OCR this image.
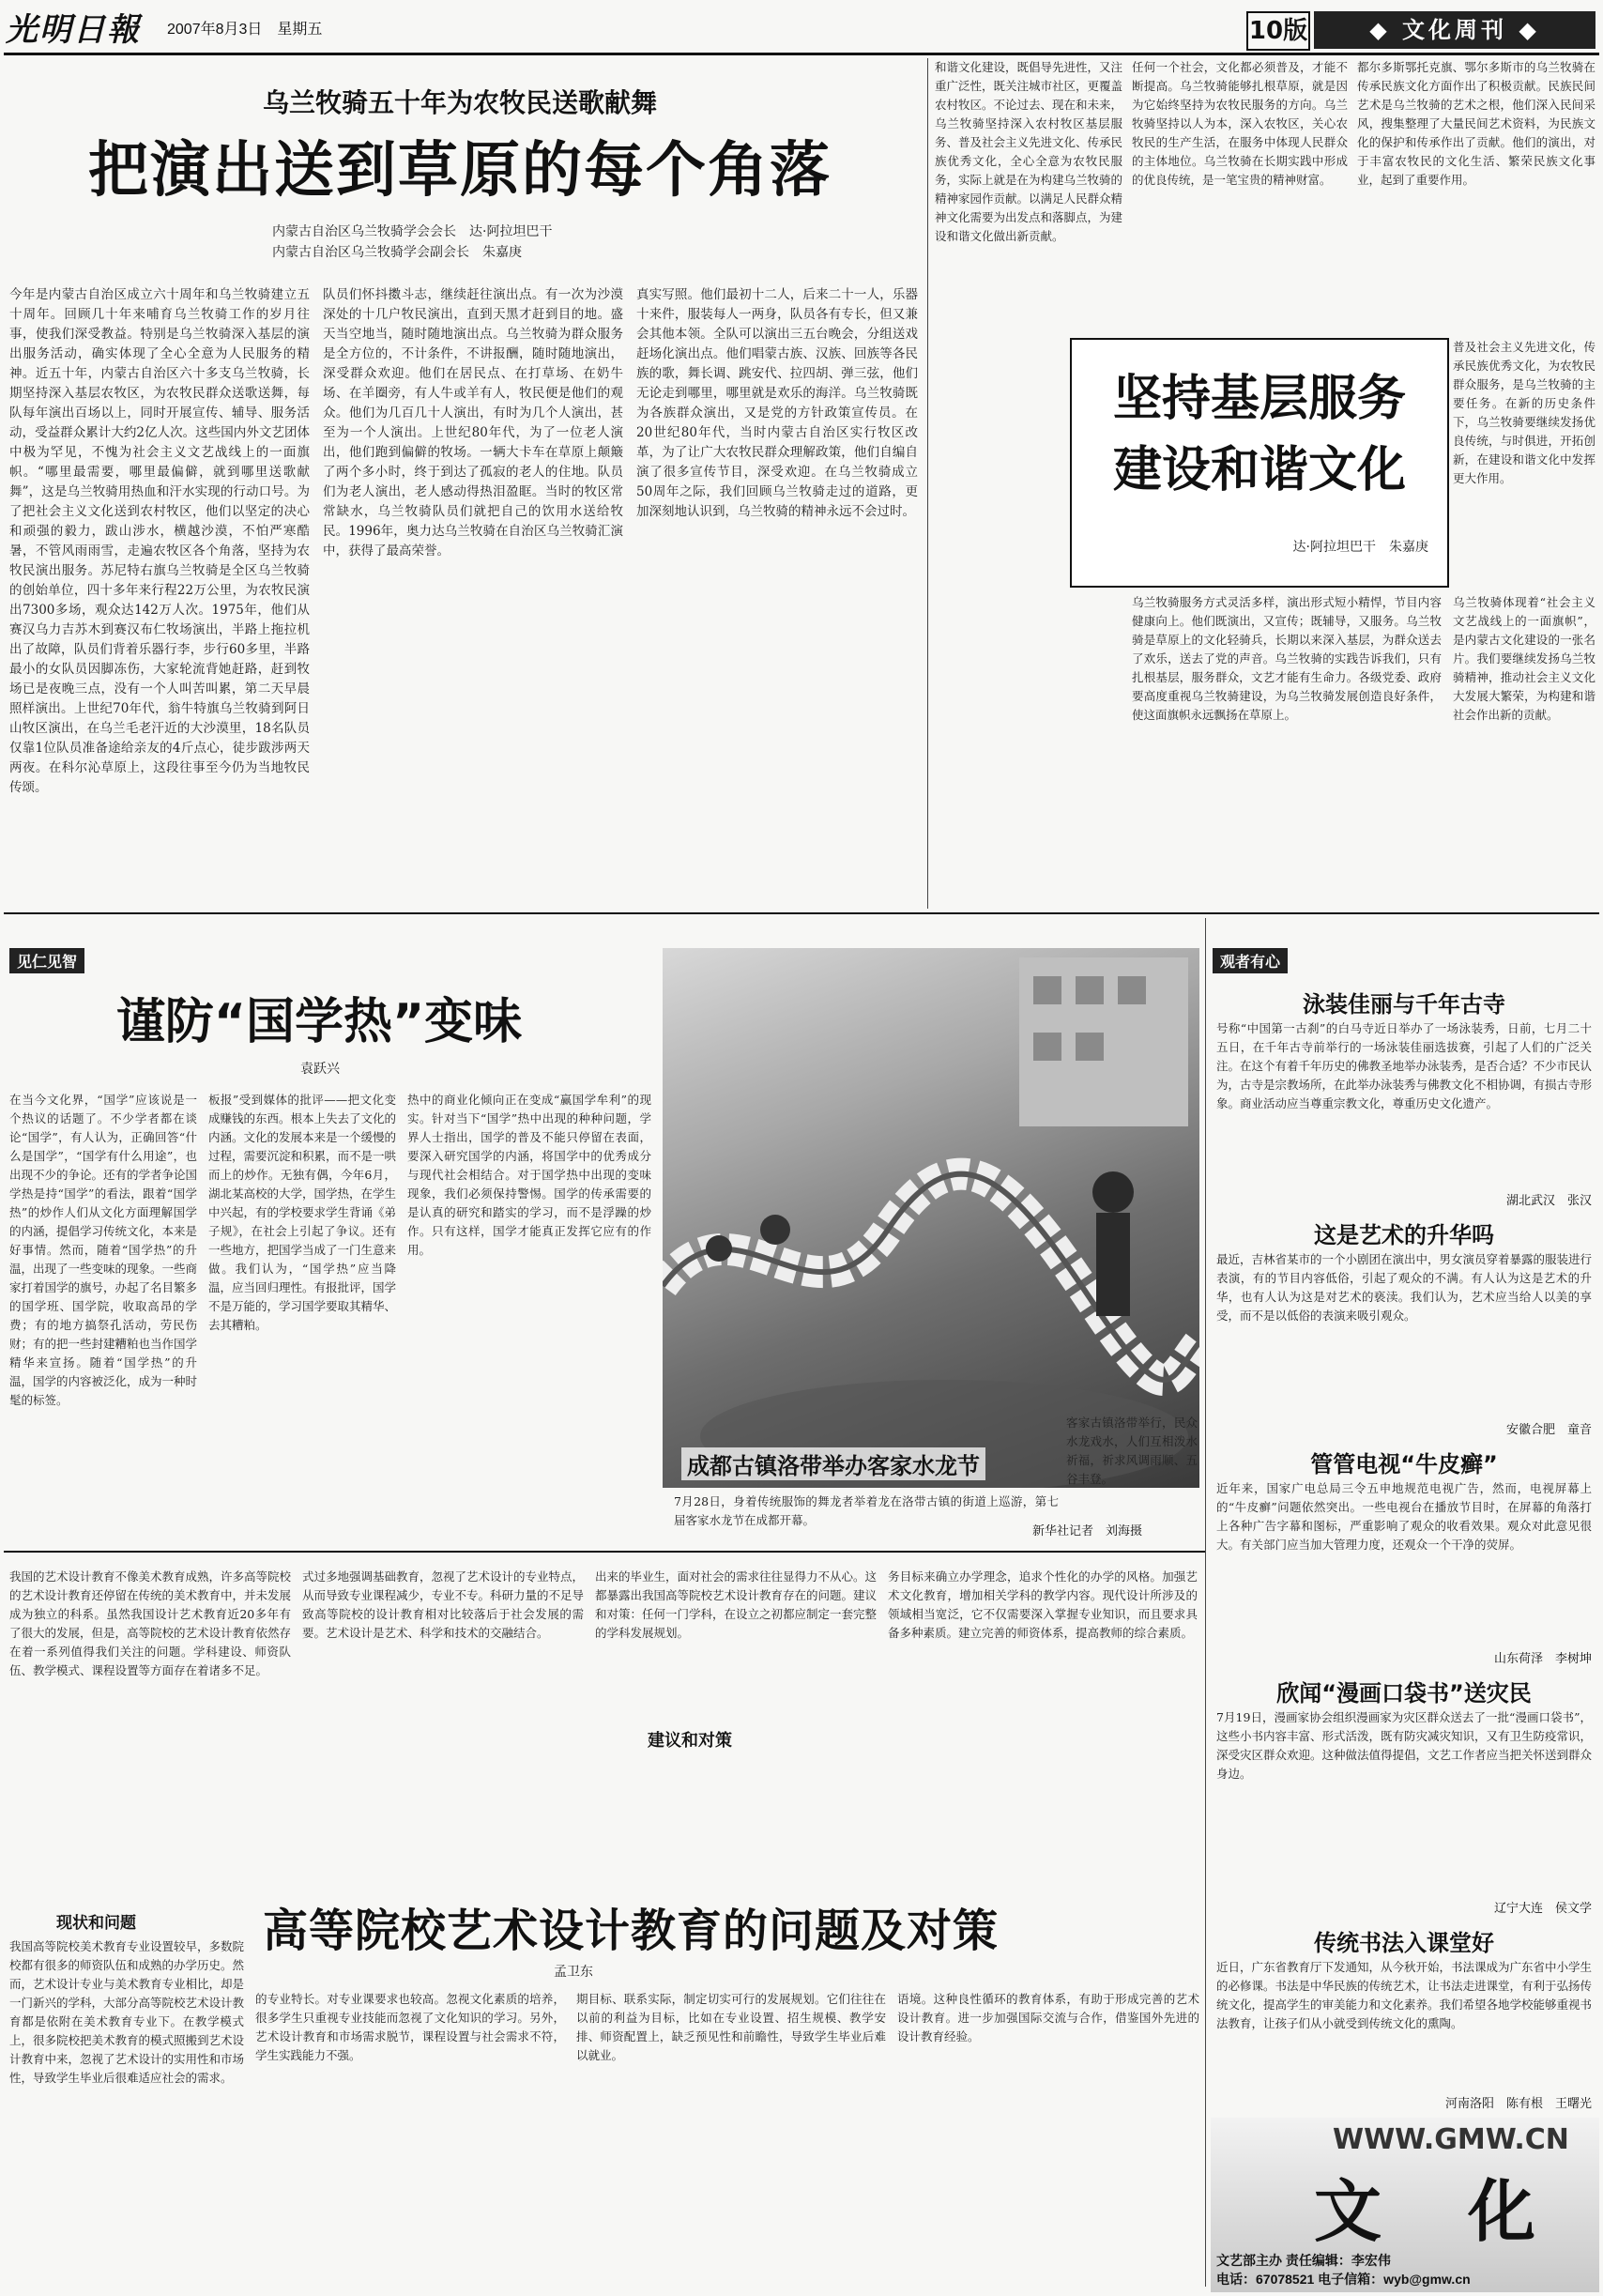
光明日報 2007年8月3日　星期五	10版	◆ 文化周刊 ◆
乌兰牧骑五十年为农牧民送歌献舞
把演出送到草原的每个角落
内蒙古自治区乌兰牧骑学会会长　达·阿拉坦巴干
内蒙古自治区乌兰牧骑学会副会长　朱嘉庚
今年是内蒙古自治区成立六十周年和乌兰牧骑建立五十周年。回顾几十年来哺育乌兰牧骑工作的岁月往事，使我们深受教益。特别是乌兰牧骑深入基层的演出服务活动，确实体现了全心全意为人民服务的精神。近五十年，内蒙古自治区六十多支乌兰牧骑，长期坚持深入基层农牧区，为农牧民群众送歌送舞，每队每年演出百场以上，同时开展宣传、辅导、服务活动，受益群众累计大约2亿人次。这些国内外文艺团体中极为罕见，不愧为社会主义文艺战线上的一面旗帜。“哪里最需要，哪里最偏僻，就到哪里送歌献舞”，这是乌兰牧骑用热血和汗水实现的行动口号。为了把社会主义文化送到农村牧区，他们以坚定的决心和顽强的毅力，跋山涉水，横越沙漠，不怕严寒酷暑，不管风雨雨雪，走遍农牧区各个角落，坚持为农牧民演出服务。苏尼特右旗乌兰牧骑是全区乌兰牧骑的创始单位，四十多年来行程22万公里，为农牧民演出7300多场，观众达142万人次。1975年，他们从赛汉乌力吉苏木到赛汉布仁牧场演出，半路上拖拉机出了故障，队员们背着乐器行李，步行60多里，半路最小的女队员因脚冻伤，大家轮流背她赶路，赶到牧场已是夜晚三点，没有一个人叫苦叫累，第二天早晨照样演出。上世纪70年代，翁牛特旗乌兰牧骑到阿日山牧区演出，在乌兰毛老汗近的大沙漠里，18名队员仅靠1位队员准备途给亲友的4斤点心，徒步跋涉两天两夜。在科尔沁草原上，这段往事至今仍为当地牧民传颂。
队员们怀抖擞斗志，继续赶往演出点。有一次为沙漠深处的十几户牧民演出，直到天黑才赶到目的地。盛天当空地当，随时随地演出点。乌兰牧骑为群众服务是全方位的，不计条件，不讲报酬，随时随地演出，深受群众欢迎。他们在居民点、在打草场、在奶牛场、在羊圈旁，有人牛或羊有人，牧民便是他们的观众。他们为几百几十人演出，有时为几个人演出，甚至为一个人演出。上世纪80年代，为了一位老人演出，他们跑到偏僻的牧场。一辆大卡车在草原上颠簸了两个多小时，终于到达了孤寂的老人的住地。队员们为老人演出，老人感动得热泪盈眶。当时的牧区常常缺水，乌兰牧骑队员们就把自己的饮用水送给牧民。1996年，奥力达乌兰牧骑在自治区乌兰牧骑汇演中，获得了最高荣誉。
真实写照。他们最初十二人，后来二十一人，乐器十来件，服装每人一两身，队员各有专长，但又兼会其他本领。全队可以演出三五台晚会，分组送戏赶场化演出点。他们唱蒙古族、汉族、回族等各民族的歌，舞长调、跳安代、拉四胡、弹三弦，他们无论走到哪里，哪里就是欢乐的海洋。乌兰牧骑既为各族群众演出，又是党的方针政策宣传员。在20世纪80年代，当时内蒙古自治区实行牧区改革，为了让广大农牧民群众理解政策，他们自编自演了很多宣传节目，深受欢迎。在乌兰牧骑成立50周年之际，我们回顾乌兰牧骑走过的道路，更加深刻地认识到，乌兰牧骑的精神永远不会过时。
和谐文化建设，既倡导先进性，又注重广泛性，既关注城市社区，更覆盖农村牧区。不论过去、现在和未来，乌兰牧骑坚持深入农村牧区基层服务、普及社会主义先进文化、传承民族优秀文化，全心全意为农牧民服务，实际上就是在为构建乌兰牧骑的精神家园作贡献。以满足人民群众精神文化需要为出发点和落脚点，为建设和谐文化做出新贡献。
任何一个社会，文化都必须普及，才能不断提高。乌兰牧骑能够扎根草原，就是因为它始终坚持为农牧民服务的方向。乌兰牧骑坚持以人为本，深入农牧区，关心农牧民的生产生活，在服务中体现人民群众的主体地位。乌兰牧骑在长期实践中形成的优良传统，是一笔宝贵的精神财富。
都尔多斯鄂托克旗、鄂尔多斯市的乌兰牧骑在传承民族文化方面作出了积极贡献。民族民间艺术是乌兰牧骑的艺术之根，他们深入民间采风，搜集整理了大量民间艺术资料，为民族文化的保护和传承作出了贡献。他们的演出，对于丰富农牧民的文化生活、繁荣民族文化事业，起到了重要作用。
坚持基层服务
建设和谐文化
达·阿拉坦巴干　朱嘉庚
普及社会主义先进文化，传承民族优秀文化，为农牧民群众服务，是乌兰牧骑的主要任务。在新的历史条件下，乌兰牧骑要继续发扬优良传统，与时俱进，开拓创新，在建设和谐文化中发挥更大作用。
乌兰牧骑服务方式灵活多样，演出形式短小精悍，节目内容健康向上。他们既演出，又宣传；既辅导，又服务。乌兰牧骑是草原上的文化轻骑兵，长期以来深入基层，为群众送去了欢乐，送去了党的声音。乌兰牧骑的实践告诉我们，只有扎根基层，服务群众，文艺才能有生命力。各级党委、政府要高度重视乌兰牧骑建设，为乌兰牧骑发展创造良好条件，使这面旗帜永远飘扬在草原上。
乌兰牧骑体现着“社会主义文艺战线上的一面旗帜”，是内蒙古文化建设的一张名片。我们要继续发扬乌兰牧骑精神，推动社会主义文化大发展大繁荣，为构建和谐社会作出新的贡献。
见仁见智
谨防“国学热”变味
袁跃兴
在当今文化界，“国学”应该说是一个热议的话题了。不少学者都在谈论“国学”，有人认为，正确回答“什么是国学”，“国学有什么用途”，也出现不少的争论。还有的学者争论国学热是持“国学”的看法，跟着“国学热”的炒作人们从文化方面理解国学的内涵，提倡学习传统文化，本来是好事情。然而，随着“国学热”的升温，出现了一些变味的现象。一些商家打着国学的旗号，办起了名目繁多的国学班、国学院，收取高昂的学费；有的地方搞祭孔活动，劳民伤财；有的把一些封建糟粕也当作国学精华来宣扬。随着“国学热”的升温，国学的内容被泛化，成为一种时髦的标签。
板报”受到媒体的批评——把文化变成赚钱的东西。根本上失去了文化的内涵。文化的发展本来是一个缓慢的过程，需要沉淀和积累，而不是一哄而上的炒作。无独有偶，今年6月，湖北某高校的大学，国学热，在学生中兴起，有的学校要求学生背诵《弟子规》，在社会上引起了争议。还有一些地方，把国学当成了一门生意来做。我们认为，“国学热”应当降温，应当回归理性。有报批评，国学不是万能的，学习国学要取其精华、去其糟粕。
热中的商业化倾向正在变成“赢国学牟利”的现实。针对当下“国学”热中出现的种种问题，学界人士指出，国学的普及不能只停留在表面，要深入研究国学的内涵，将国学中的优秀成分与现代社会相结合。对于国学热中出现的变味现象，我们必须保持警惕。国学的传承需要的是认真的研究和踏实的学习，而不是浮躁的炒作。只有这样，国学才能真正发挥它应有的作用。
成都古镇洛带举办客家水龙节
7月28日，身着传统服饰的舞龙者举着龙在洛带古镇的街道上巡游，第七届客家水龙节在成都开幕。
客家古镇洛带举行，民众水龙戏水，人们互相泼水祈福，祈求风调雨顺、五谷丰登。
新华社记者　刘海摄
观者有心
泳装佳丽与千年古寺
号称“中国第一古刹”的白马寺近日举办了一场泳装秀，日前，七月二十五日，在千年古寺前举行的一场泳装佳丽选拔赛，引起了人们的广泛关注。在这个有着千年历史的佛教圣地举办泳装秀，是否合适？不少市民认为，古寺是宗教场所，在此举办泳装秀与佛教文化不相协调，有损古寺形象。商业活动应当尊重宗教文化，尊重历史文化遗产。
湖北武汉　张汉
这是艺术的升华吗
最近，吉林省某市的一个小剧团在演出中，男女演员穿着暴露的服装进行表演，有的节目内容低俗，引起了观众的不满。有人认为这是艺术的升华，也有人认为这是对艺术的亵渎。我们认为，艺术应当给人以美的享受，而不是以低俗的表演来吸引观众。
安徽合肥　童音
管管电视“牛皮癣”
近年来，国家广电总局三令五申地规范电视广告，然而，电视屏幕上的“牛皮癣”问题依然突出。一些电视台在播放节目时，在屏幕的角落打上各种广告字幕和图标，严重影响了观众的收看效果。观众对此意见很大。有关部门应当加大管理力度，还观众一个干净的荧屏。
山东荷泽　李树坤
欣闻“漫画口袋书”送灾民
7月19日，漫画家协会组织漫画家为灾区群众送去了一批“漫画口袋书”，这些小书内容丰富、形式活泼，既有防灾减灾知识，又有卫生防疫常识，深受灾区群众欢迎。这种做法值得提倡，文艺工作者应当把关怀送到群众身边。
辽宁大连　侯文学
传统书法入课堂好
近日，广东省教育厅下发通知，从今秋开始，书法课成为广东省中小学生的必修课。书法是中华民族的传统艺术，让书法走进课堂，有利于弘扬传统文化，提高学生的审美能力和文化素养。我们希望各地学校能够重视书法教育，让孩子们从小就受到传统文化的熏陶。
河南洛阳　陈有根　王曙光
我国的艺术设计教育不像美术教育成熟，许多高等院校的艺术设计教育还停留在传统的美术教育中，并未发展成为独立的科系。虽然我国设计艺术教育近20多年有了很大的发展，但是，高等院校的艺术设计教育依然存在着一系列值得我们关注的问题。学科建设、师资队伍、教学模式、课程设置等方面存在着诸多不足。
式过多地强调基础教育，忽视了艺术设计的专业特点，从而导致专业课程减少，专业不专。科研力量的不足导致高等院校的设计教育相对比较落后于社会发展的需要。艺术设计是艺术、科学和技术的交融结合。
出来的毕业生，面对社会的需求往往显得力不从心。这都暴露出我国高等院校艺术设计教育存在的问题。建议和对策：任何一门学科，在设立之初都应制定一套完整的学科发展规划。
建议和对策
务目标来确立办学理念，追求个性化的办学的风格。加强艺术文化教育，增加相关学科的教学内容。现代设计所涉及的领域相当宽泛，它不仅需要深入掌握专业知识，而且要求具备多种素质。建立完善的师资体系，提高教师的综合素质。
高等院校艺术设计教育的问题及对策
孟卫东
现状和问题
我国高等院校美术教育专业设置较早，多数院校都有很多的师资队伍和成熟的办学历史。然而，艺术设计专业与美术教育专业相比，却是一门新兴的学科，大部分高等院校艺术设计教育都是依附在美术教育专业下。在教学模式上，很多院校把美术教育的模式照搬到艺术设计教育中来，忽视了艺术设计的实用性和市场性，导致学生毕业后很难适应社会的需求。
的专业特长。对专业课要求也较高。忽视文化素质的培养，很多学生只重视专业技能而忽视了文化知识的学习。另外，艺术设计教育和市场需求脱节，课程设置与社会需求不符，学生实践能力不强。
期目标、联系实际，制定切实可行的发展规划。它们往往在以前的利益为目标，比如在专业设置、招生规模、教学安排、师资配置上，缺乏预见性和前瞻性，导致学生毕业后难以就业。
语境。这种良性循环的教育体系，有助于形成完善的艺术设计教育。进一步加强国际交流与合作，借鉴国外先进的设计教育经验。
WWW.GMW.CN
文　化
文艺部主办 责任编辑：李宏伟
电话：67078521 电子信箱：wyb@gmw.cn
